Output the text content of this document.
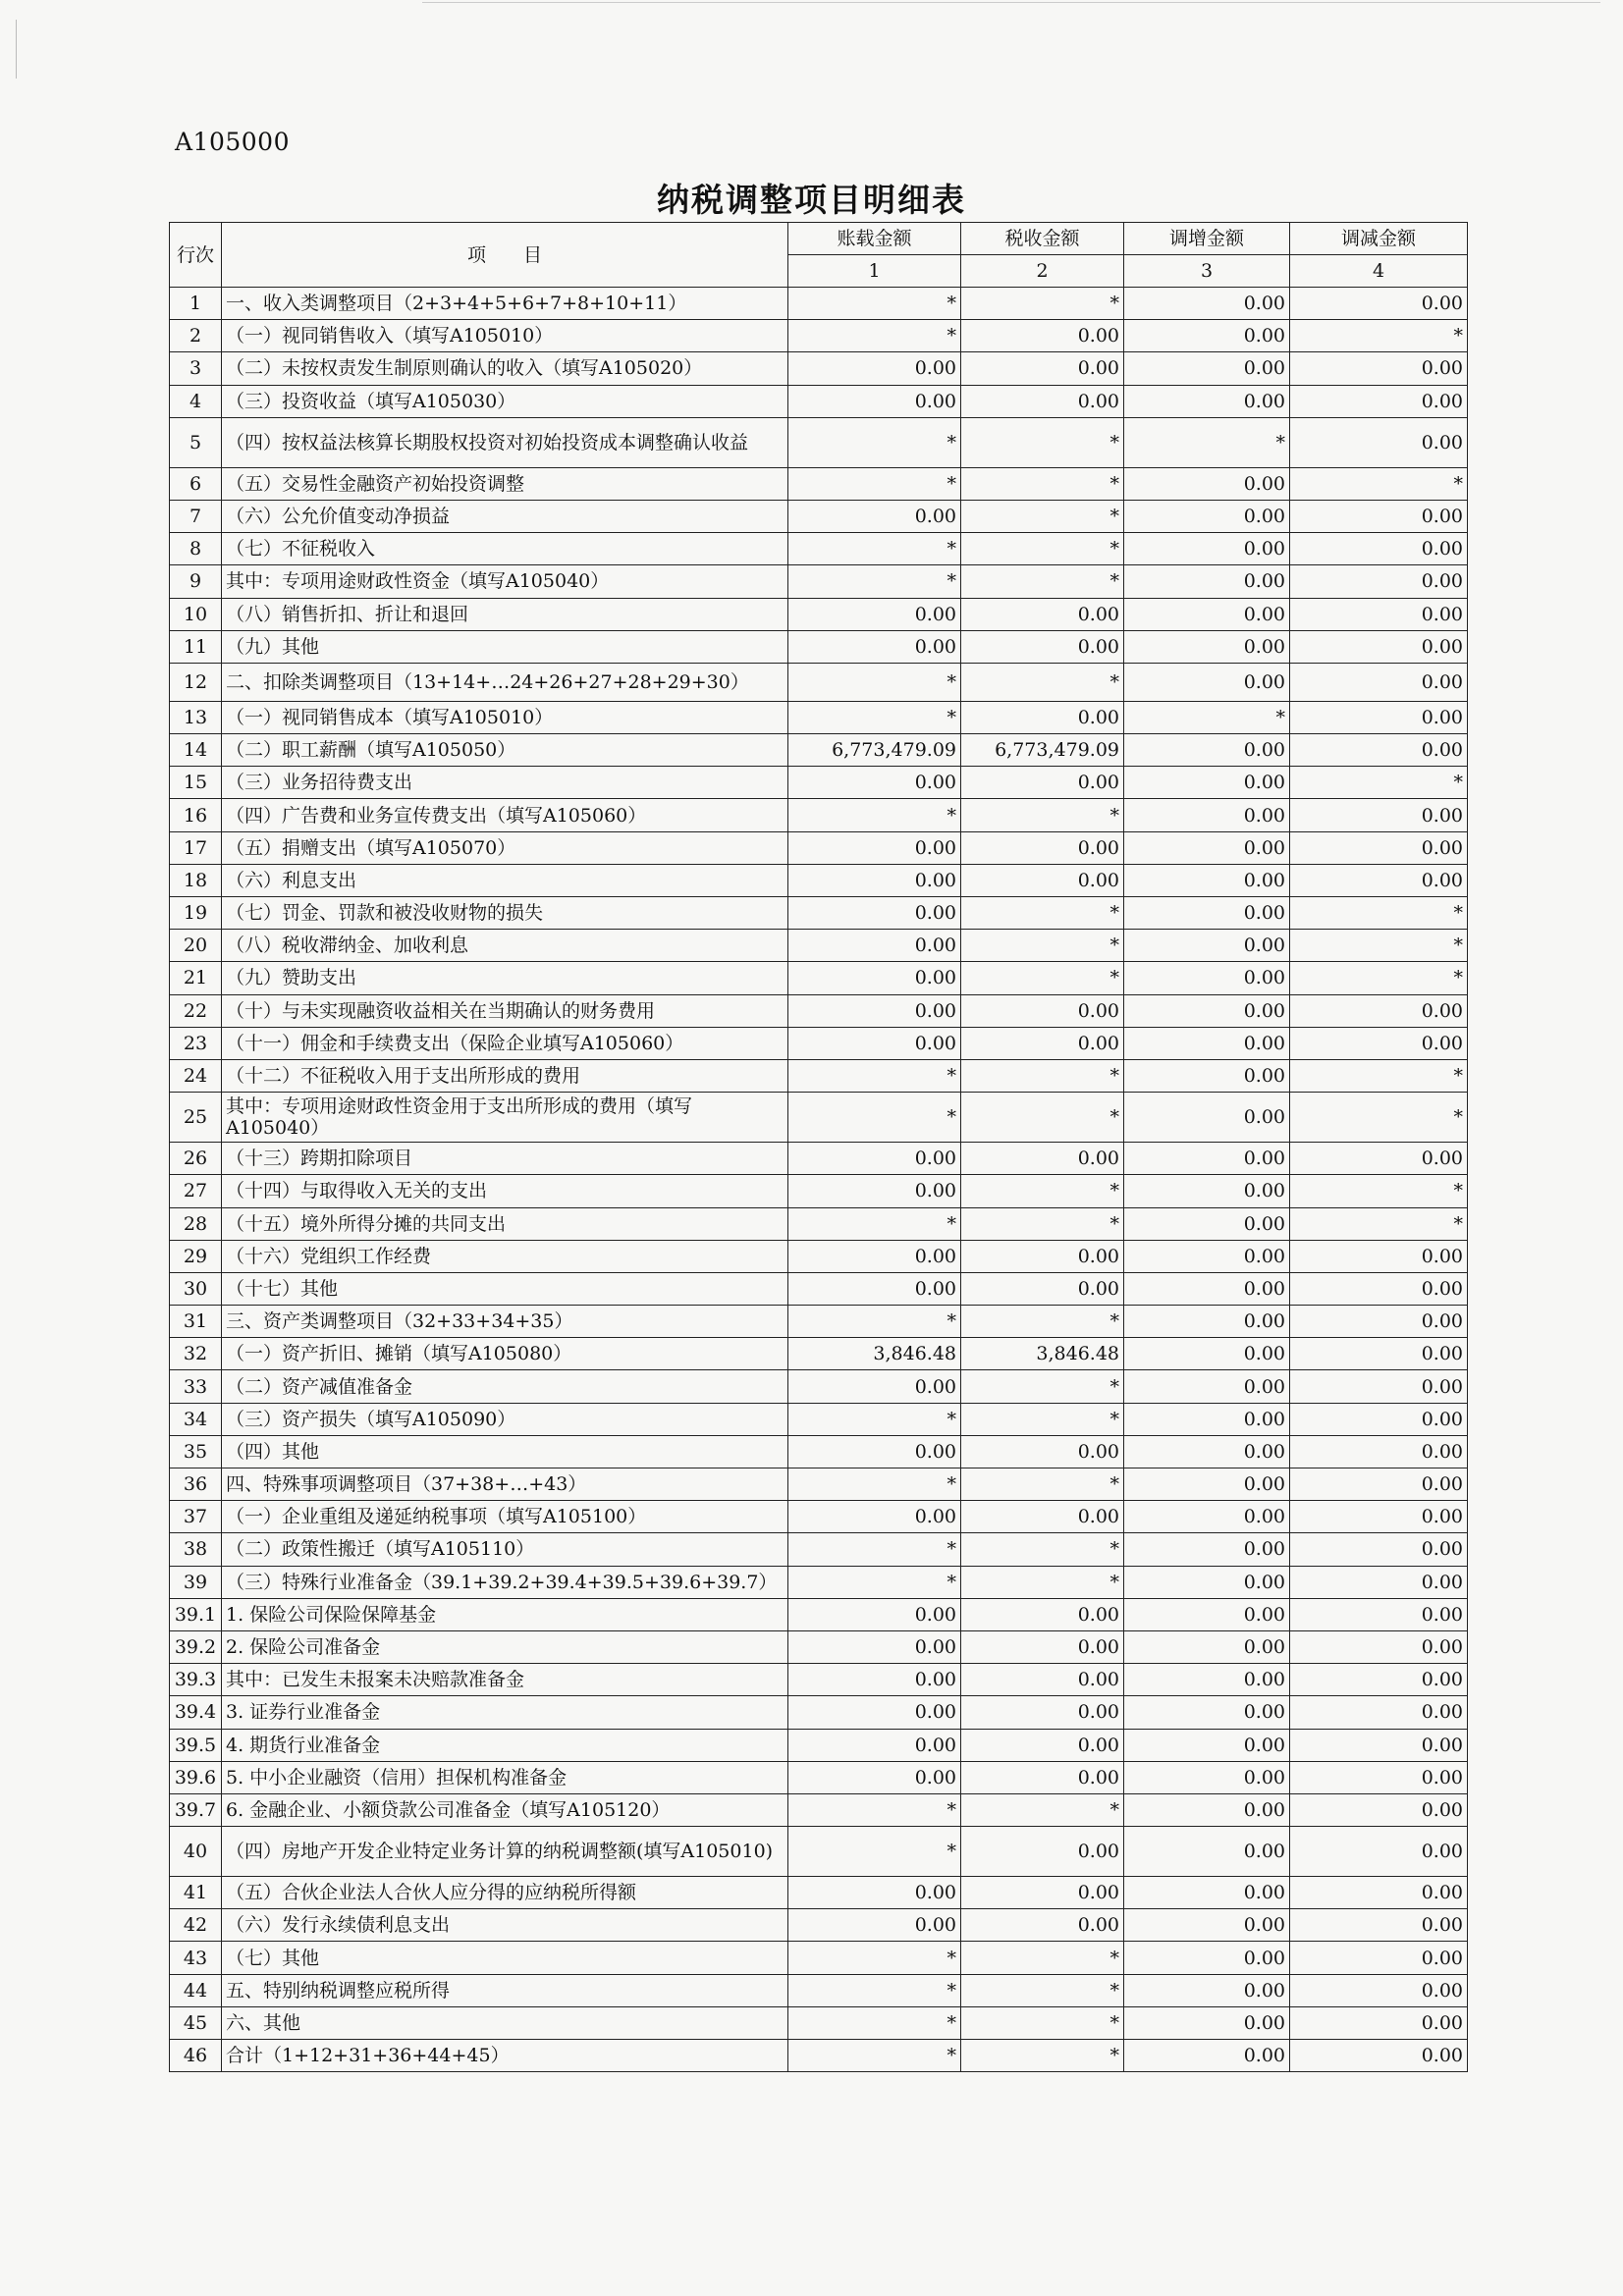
A105000
纳税调整项目明细表
行次	项　　目	账载金额	税收金额	调增金额	调减金额
		1	2	3	4
1	一、收入类调整项目（2+3+4+5+6+7+8+10+11）	*	*	0.00	0.00
2	（一）视同销售收入（填写A105010）	*	0.00	0.00	*
3	（二）未按权责发生制原则确认的收入（填写A105020）	0.00	0.00	0.00	0.00
4	（三）投资收益（填写A105030）	0.00	0.00	0.00	0.00
5	（四）按权益法核算长期股权投资对初始投资成本调整确认收益	*	*	*	0.00
6	（五）交易性金融资产初始投资调整	*	*	0.00	*
7	（六）公允价值变动净损益	0.00	*	0.00	0.00
8	（七）不征税收入	*	*	0.00	0.00
9	其中：专项用途财政性资金（填写A105040）	*	*	0.00	0.00
10	（八）销售折扣、折让和退回	0.00	0.00	0.00	0.00
11	（九）其他	0.00	0.00	0.00	0.00
12	二、扣除类调整项目（13+14+…24+26+27+28+29+30）	*	*	0.00	0.00
13	（一）视同销售成本（填写A105010）	*	0.00	*	0.00
14	（二）职工薪酬（填写A105050）	6,773,479.09	6,773,479.09	0.00	0.00
15	（三）业务招待费支出	0.00	0.00	0.00	*
16	（四）广告费和业务宣传费支出（填写A105060）	*	*	0.00	0.00
17	（五）捐赠支出（填写A105070）	0.00	0.00	0.00	0.00
18	（六）利息支出	0.00	0.00	0.00	0.00
19	（七）罚金、罚款和被没收财物的损失	0.00	*	0.00	*
20	（八）税收滞纳金、加收利息	0.00	*	0.00	*
21	（九）赞助支出	0.00	*	0.00	*
22	（十）与未实现融资收益相关在当期确认的财务费用	0.00	0.00	0.00	0.00
23	（十一）佣金和手续费支出（保险企业填写A105060）	0.00	0.00	0.00	0.00
24	（十二）不征税收入用于支出所形成的费用	*	*	0.00	*
25	其中：专项用途财政性资金用于支出所形成的费用（填写A105040）	*	*	0.00	*
26	（十三）跨期扣除项目	0.00	0.00	0.00	0.00
27	（十四）与取得收入无关的支出	0.00	*	0.00	*
28	（十五）境外所得分摊的共同支出	*	*	0.00	*
29	（十六）党组织工作经费	0.00	0.00	0.00	0.00
30	（十七）其他	0.00	0.00	0.00	0.00
31	三、资产类调整项目（32+33+34+35）	*	*	0.00	0.00
32	（一）资产折旧、摊销（填写A105080）	3,846.48	3,846.48	0.00	0.00
33	（二）资产减值准备金	0.00	*	0.00	0.00
34	（三）资产损失（填写A105090）	*	*	0.00	0.00
35	（四）其他	0.00	0.00	0.00	0.00
36	四、特殊事项调整项目（37+38+…+43）	*	*	0.00	0.00
37	（一）企业重组及递延纳税事项（填写A105100）	0.00	0.00	0.00	0.00
38	（二）政策性搬迁（填写A105110）	*	*	0.00	0.00
39	（三）特殊行业准备金（39.1+39.2+39.4+39.5+39.6+39.7）	*	*	0.00	0.00
39.1	1. 保险公司保险保障基金	0.00	0.00	0.00	0.00
39.2	2. 保险公司准备金	0.00	0.00	0.00	0.00
39.3	其中：已发生未报案未决赔款准备金	0.00	0.00	0.00	0.00
39.4	3. 证券行业准备金	0.00	0.00	0.00	0.00
39.5	4. 期货行业准备金	0.00	0.00	0.00	0.00
39.6	5. 中小企业融资（信用）担保机构准备金	0.00	0.00	0.00	0.00
39.7	6. 金融企业、小额贷款公司准备金（填写A105120）	*	*	0.00	0.00
40	（四）房地产开发企业特定业务计算的纳税调整额(填写A105010)	*	0.00	0.00	0.00
41	（五）合伙企业法人合伙人应分得的应纳税所得额	0.00	0.00	0.00	0.00
42	（六）发行永续债利息支出	0.00	0.00	0.00	0.00
43	（七）其他	*	*	0.00	0.00
44	五、特别纳税调整应税所得	*	*	0.00	0.00
45	六、其他	*	*	0.00	0.00
46	合计（1+12+31+36+44+45）	*	*	0.00	0.00
